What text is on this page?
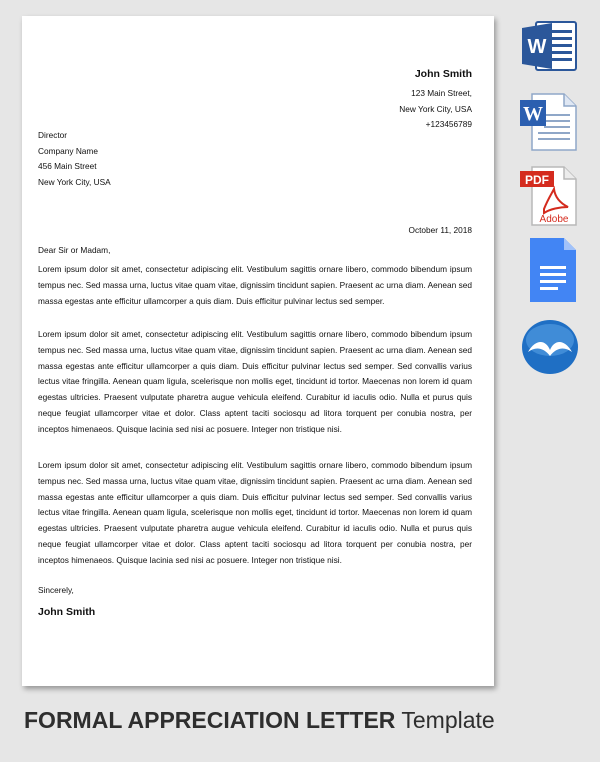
John Smith
123 Main Street,
New York City, USA
+123456789
Director
Company Name
456 Main Street
New York City, USA
October 11, 2018
Dear Sir or Madam,
Lorem ipsum dolor sit amet, consectetur adipiscing elit. Vestibulum sagittis ornare libero, commodo bibendum ipsum tempus nec. Sed massa urna, luctus vitae quam vitae, dignissim tincidunt sapien. Praesent ac urna diam. Aenean sed massa egestas ante efficitur ullamcorper a quis diam. Duis efficitur pulvinar lectus sed semper.
Lorem ipsum dolor sit amet, consectetur adipiscing elit. Vestibulum sagittis ornare libero, commodo bibendum ipsum tempus nec. Sed massa urna, luctus vitae quam vitae, dignissim tincidunt sapien. Praesent ac urna diam. Aenean sed massa egestas ante efficitur ullamcorper a quis diam. Duis efficitur pulvinar lectus sed semper. Sed convallis varius lectus vitae fringilla. Aenean quam ligula, scelerisque non mollis eget, tincidunt id tortor. Maecenas non lorem id quam egestas ultricies. Praesent vulputate pharetra augue vehicula eleifend. Curabitur id iaculis odio. Nulla et purus quis neque feugiat ullamcorper vitae et dolor. Class aptent taciti sociosqu ad litora torquent per conubia nostra, per inceptos himenaeos. Quisque lacinia sed nisi ac posuere. Integer non tristique nisi.
Lorem ipsum dolor sit amet, consectetur adipiscing elit. Vestibulum sagittis ornare libero, commodo bibendum ipsum tempus nec. Sed massa urna, luctus vitae quam vitae, dignissim tincidunt sapien. Praesent ac urna diam. Aenean sed massa egestas ante efficitur ullamcorper a quis diam. Duis efficitur pulvinar lectus sed semper. Sed convallis varius lectus vitae fringilla. Aenean quam ligula, scelerisque non mollis eget, tincidunt id tortor. Maecenas non lorem id quam egestas ultricies. Praesent vulputate pharetra augue vehicula eleifend. Curabitur id iaculis odio. Nulla et purus quis neque feugiat ullamcorper vitae et dolor. Class aptent taciti sociosqu ad litora torquent per conubia nostra, per inceptos himenaeos. Quisque lacinia sed nisi ac posuere. Integer non tristique nisi.
Sincerely,
John Smith
W
W
PDF
Adobe
FORMAL APPRECIATION LETTER Template
